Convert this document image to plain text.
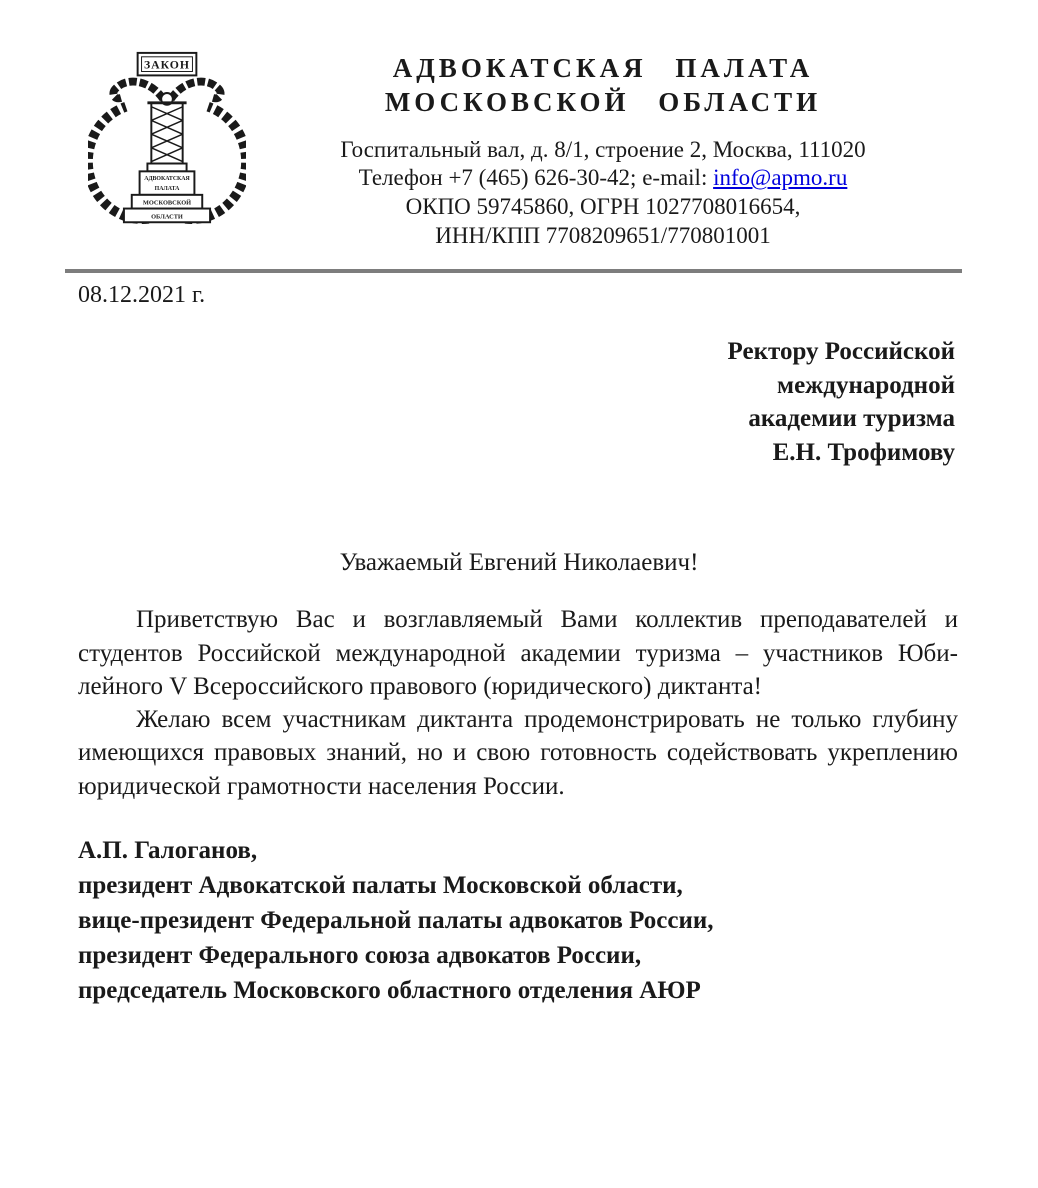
ЗАКОН
АДВОКАТСКАЯ
ПАЛАТА
МОСКОВСКОЙ
ОБЛАСТИ
АДВОКАТСКАЯ ПАЛАТА
МОСКОВСКОЙ ОБЛАСТИ
Госпитальный вал, д. 8/1, строение 2, Москва, 111020
Телефон +7 (465) 626-30-42; e-mail: info@apmo.ru
ОКПО 59745860, ОГРН 1027708016654,
ИНН/КПП 7708209651/770801001
08.12.2021 г.
Ректору Российской
международной
академии туризма
Е.Н. Трофимову
Уважаемый Евгений Николаевич!

Приветствую Вас и возглавляемый Вами коллектив преподавателей и студентов Российской международной академии туризма – участников Юбилейного V Всероссийского правового (юридического) диктанта!

Желаю всем участникам диктанта продемонстрировать не только глубину имеющихся правовых знаний, но и свою готовность содействовать укреплению юридической грамотности населения России.

А.П. Галоганов,
президент Адвокатской палаты Московской области,
вице-президент Федеральной палаты адвокатов России,
президент Федерального союза адвокатов России,
председатель Московского областного отделения АЮР
